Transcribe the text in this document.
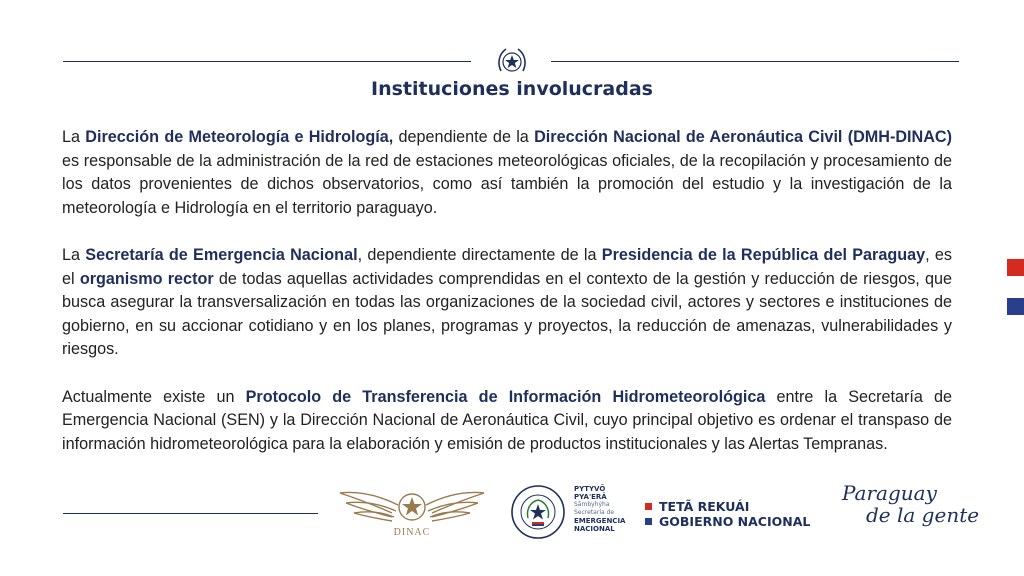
Instituciones involucradas

La Dirección de Meteorología e Hidrología, dependiente de la Dirección Nacional de Aeronáutica Civil (DMH-DINAC) es responsable de la administración de la red de estaciones meteorológicas oficiales, de la recopilación y procesamiento de los datos provenientes de dichos observatorios, como así también la promoción del estudio y la investigación de la meteorología e Hidrología en el territorio paraguayo.

La Secretaría de Emergencia Nacional, dependiente directamente de la Presidencia de la República del Paraguay, es el organismo rector de todas aquellas actividades comprendidas en el contexto de la gestión y reducción de riesgos, que busca asegurar la transversalización en todas las organizaciones de la sociedad civil, actores y sectores e instituciones de gobierno, en su accionar cotidiano y en los planes, programas y proyectos, la reducción de amenazas, vulnerabilidades y riesgos.

Actualmente existe un Protocolo de Transferencia de Información Hidrometeorológica entre la Secretaría de Emergencia Nacional (SEN) y la Dirección Nacional de Aeronáutica Civil, cuyo principal objetivo es ordenar el transpaso de información hidrometeorológica para la elaboración y emisión de productos institucionales y las Alertas Tempranas.

DINAC
PYTYVÕ
PYA'ERÃ
Sãmbyhýha
Secretaría de
EMERGENCIA
NACIONAL
TETÃ REKUÁI
GOBIERNO NACIONAL
Paraguay
de la gente
